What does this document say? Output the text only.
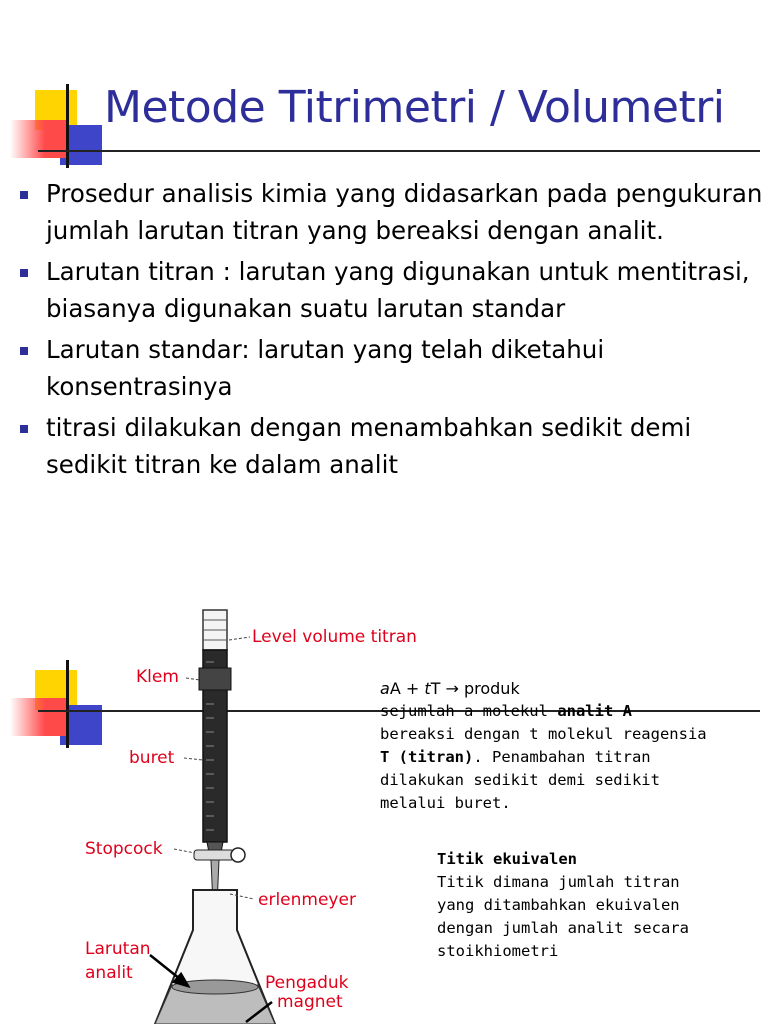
Metode Titrimetri / Volumetri
Prosedur analisis kimia yang didasarkan pada pengukuran jumlah larutan titran yang bereaksi dengan analit.
Larutan titran : larutan yang digunakan untuk mentitrasi, biasanya digunakan suatu larutan standar
Larutan standar: larutan yang telah diketahui konsentrasinya
titrasi dilakukan dengan menambahkan sedikit demi sedikit titran ke dalam analit
Level volume titran
Klem
buret
Stopcock
erlenmeyer
Larutan
analit	Pengaduk
magnet
aA + tT → produk
sejumlah a molekul analit A
bereaksi dengan t molekul reagensia
T (titran). Penambahan titran
dilakukan sedikit demi sedikit
melalui buret.
Titik ekuivalen
Titik dimana jumlah titran
yang ditambahkan ekuivalen
dengan jumlah analit secara
stoikhiometri
